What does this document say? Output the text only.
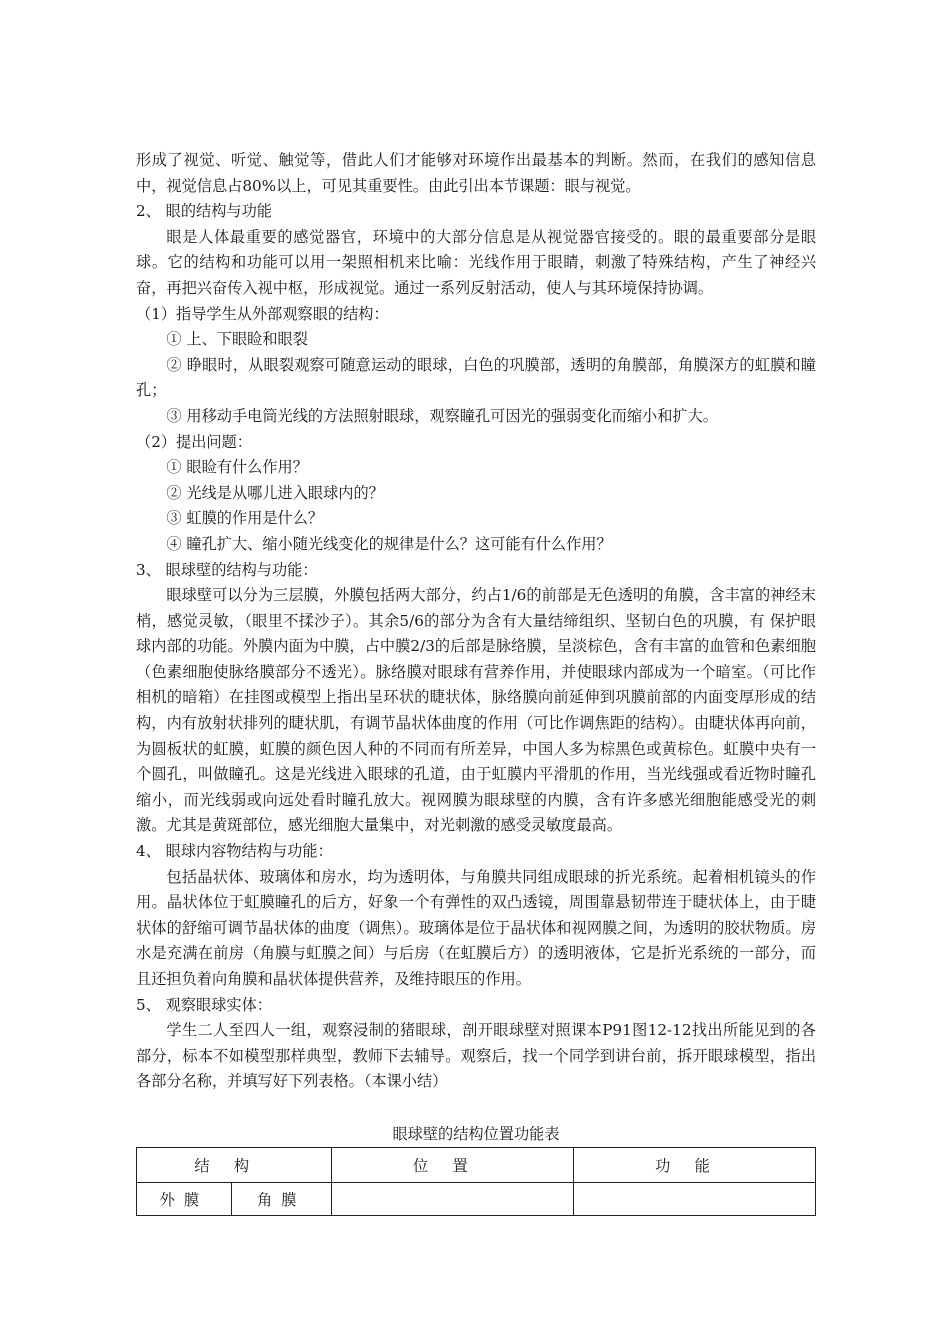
形成了视觉、听觉、触觉等，借此人们才能够对环境作出最基本的判断。然而，在我们的感知信息中，视觉信息占80%以上，可见其重要性。由此引出本节课题：眼与视觉。

2、 眼的结构与功能

眼是人体最重要的感觉器官，环境中的大部分信息是从视觉器官接受的。眼的最重要部分是眼球。它的结构和功能可以用一架照相机来比喻：光线作用于眼睛，刺激了特殊结构，产生了神经兴奋，再把兴奋传入视中枢，形成视觉。通过一系列反射活动，使人与其环境保持协调。

（1）指导学生从外部观察眼的结构：

① 上、下眼睑和眼裂

② 睁眼时，从眼裂观察可随意运动的眼球，白色的巩膜部，透明的角膜部，角膜深方的虹膜和瞳孔；

③ 用移动手电筒光线的方法照射眼球，观察瞳孔可因光的强弱变化而缩小和扩大。

（2）提出问题：

① 眼睑有什么作用？

② 光线是从哪儿进入眼球内的？

③ 虹膜的作用是什么？

④ 瞳孔扩大、缩小随光线变化的规律是什么？这可能有什么作用？

3、 眼球壁的结构与功能：

眼球壁可以分为三层膜，外膜包括两大部分，约占1/6的前部是无色透明的角膜，含丰富的神经末梢，感觉灵敏，（眼里不揉沙子）。其余5/6的部分为含有大量结缔组织、坚韧白色的巩膜，有 保护眼球内部的功能。外膜内面为中膜，占中膜2/3的后部是脉络膜，呈淡棕色，含有丰富的血管和色素细胞（色素细胞使脉络膜部分不透光）。脉络膜对眼球有营养作用，并使眼球内部成为一个暗室。（可比作相机的暗箱）在挂图或模型上指出呈环状的睫状体，脉络膜向前延伸到巩膜前部的内面变厚形成的结构，内有放射状排列的睫状肌，有调节晶状体曲度的作用（可比作调焦距的结构）。由睫状体再向前，为圆板状的虹膜，虹膜的颜色因人种的不同而有所差异，中国人多为棕黑色或黄棕色。虹膜中央有一个圆孔，叫做瞳孔。这是光线进入眼球的孔道，由于虹膜内平滑肌的作用，当光线强或看近物时瞳孔缩小，而光线弱或向远处看时瞳孔放大。视网膜为眼球壁的内膜，含有许多感光细胞能感受光的刺激。尤其是黄斑部位，感光细胞大量集中，对光刺激的感受灵敏度最高。

4、 眼球内容物结构与功能：

包括晶状体、玻璃体和房水，均为透明体，与角膜共同组成眼球的折光系统。起着相机镜头的作用。晶状体位于虹膜瞳孔的后方，好象一个有弹性的双凸透镜，周围靠悬韧带连于睫状体上，由于睫状体的舒缩可调节晶状体的曲度（调焦）。玻璃体是位于晶状体和视网膜之间，为透明的胶状物质。房水是充满在前房（角膜与虹膜之间）与后房（在虹膜后方）的透明液体，它是折光系统的一部分，而且还担负着向角膜和晶状体提供营养，及维持眼压的作用。

5、 观察眼球实体：

学生二人至四人一组，观察浸制的猪眼球，剖开眼球壁对照课本P91图12-12找出所能见到的各部分，标本不如模型那样典型，教师下去辅导。观察后，找一个同学到讲台前，拆开眼球模型，指出各部分名称，并填写好下列表格。（本课小结）

眼球壁的结构位置功能表
结构		位置	功能
外膜	角膜		
